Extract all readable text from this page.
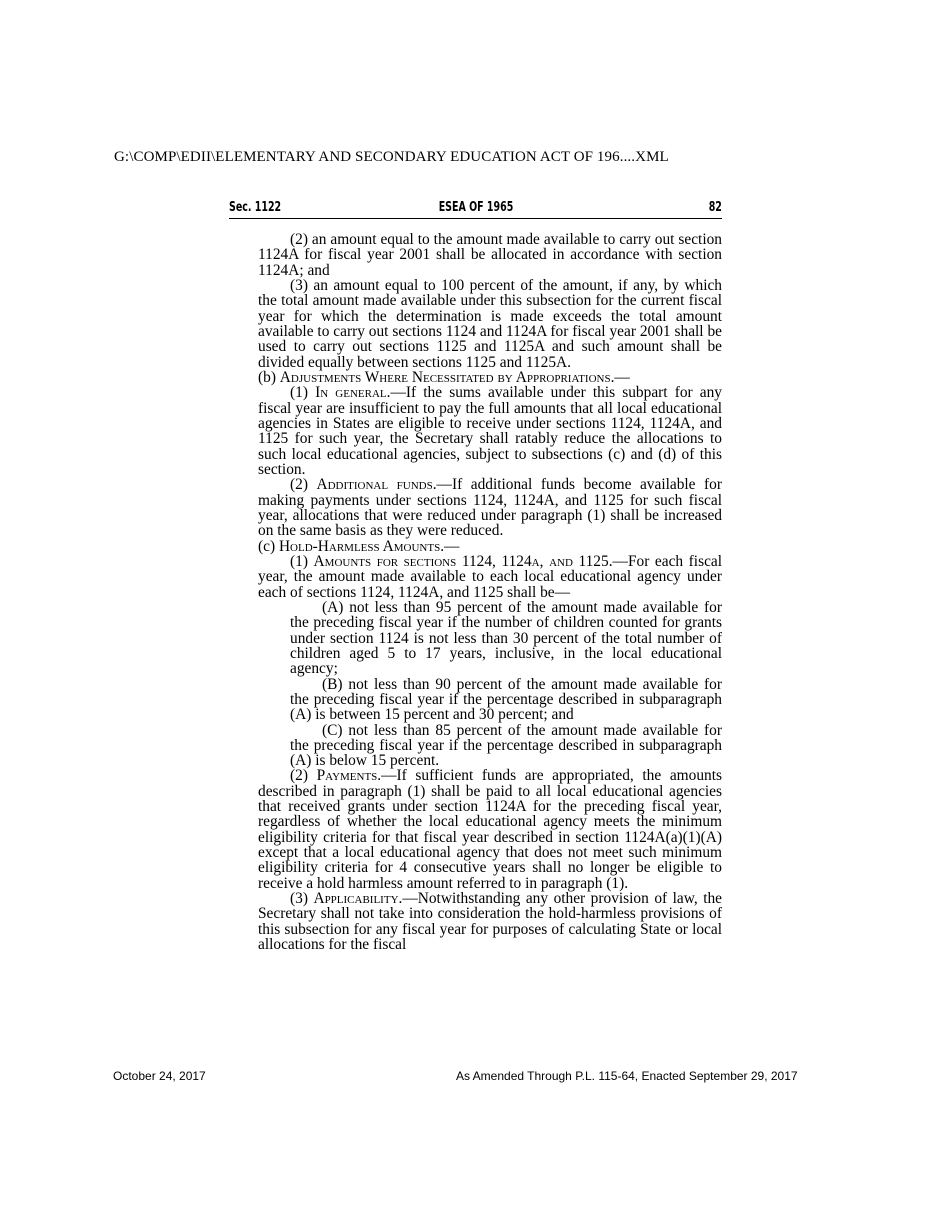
G:\COMP\EDII\ELEMENTARY AND SECONDARY EDUCATION ACT OF 196....XML
Sec. 1122	ESEA OF 1965	82

(2) an amount equal to the amount made available to carry out section 1124A for fiscal year 2001 shall be allocated in accordance with section 1124A; and

(3) an amount equal to 100 percent of the amount, if any, by which the total amount made available under this subsection for the current fiscal year for which the determination is made exceeds the total amount available to carry out sections 1124 and 1124A for fiscal year 2001 shall be used to carry out sections 1125 and 1125A and such amount shall be divided equally between sections 1125 and 1125A.

(b) Adjustments Where Necessitated by Appropriations.—

(1) In general.—If the sums available under this subpart for any fiscal year are insufficient to pay the full amounts that all local educational agencies in States are eligible to receive under sections 1124, 1124A, and 1125 for such year, the Secretary shall ratably reduce the allocations to such local educational agencies, subject to subsections (c) and (d) of this section.

(2) Additional funds.—If additional funds become available for making payments under sections 1124, 1124A, and 1125 for such fiscal year, allocations that were reduced under paragraph (1) shall be increased on the same basis as they were reduced.

(c) Hold-Harmless Amounts.—

(1) Amounts for sections 1124, 1124a, and 1125.—For each fiscal year, the amount made available to each local educational agency under each of sections 1124, 1124A, and 1125 shall be—

(A) not less than 95 percent of the amount made available for the preceding fiscal year if the number of children counted for grants under section 1124 is not less than 30 percent of the total number of children aged 5 to 17 years, inclusive, in the local educational agency;

(B) not less than 90 percent of the amount made available for the preceding fiscal year if the percentage described in subparagraph (A) is between 15 percent and 30 percent; and

(C) not less than 85 percent of the amount made available for the preceding fiscal year if the percentage described in subparagraph (A) is below 15 percent.

(2) Payments.—If sufficient funds are appropriated, the amounts described in paragraph (1) shall be paid to all local educational agencies that received grants under section 1124A for the preceding fiscal year, regardless of whether the local educational agency meets the minimum eligibility criteria for that fiscal year described in section 1124A(a)(1)(A) except that a local educational agency that does not meet such minimum eligibility criteria for 4 consecutive years shall no longer be eligible to receive a hold harmless amount referred to in paragraph (1).

(3) Applicability.—Notwithstanding any other provision of law, the Secretary shall not take into consideration the hold-harmless provisions of this subsection for any fiscal year for purposes of calculating State or local allocations for the fiscal

October 24, 2017	As Amended Through P.L. 115-64, Enacted September 29, 2017
